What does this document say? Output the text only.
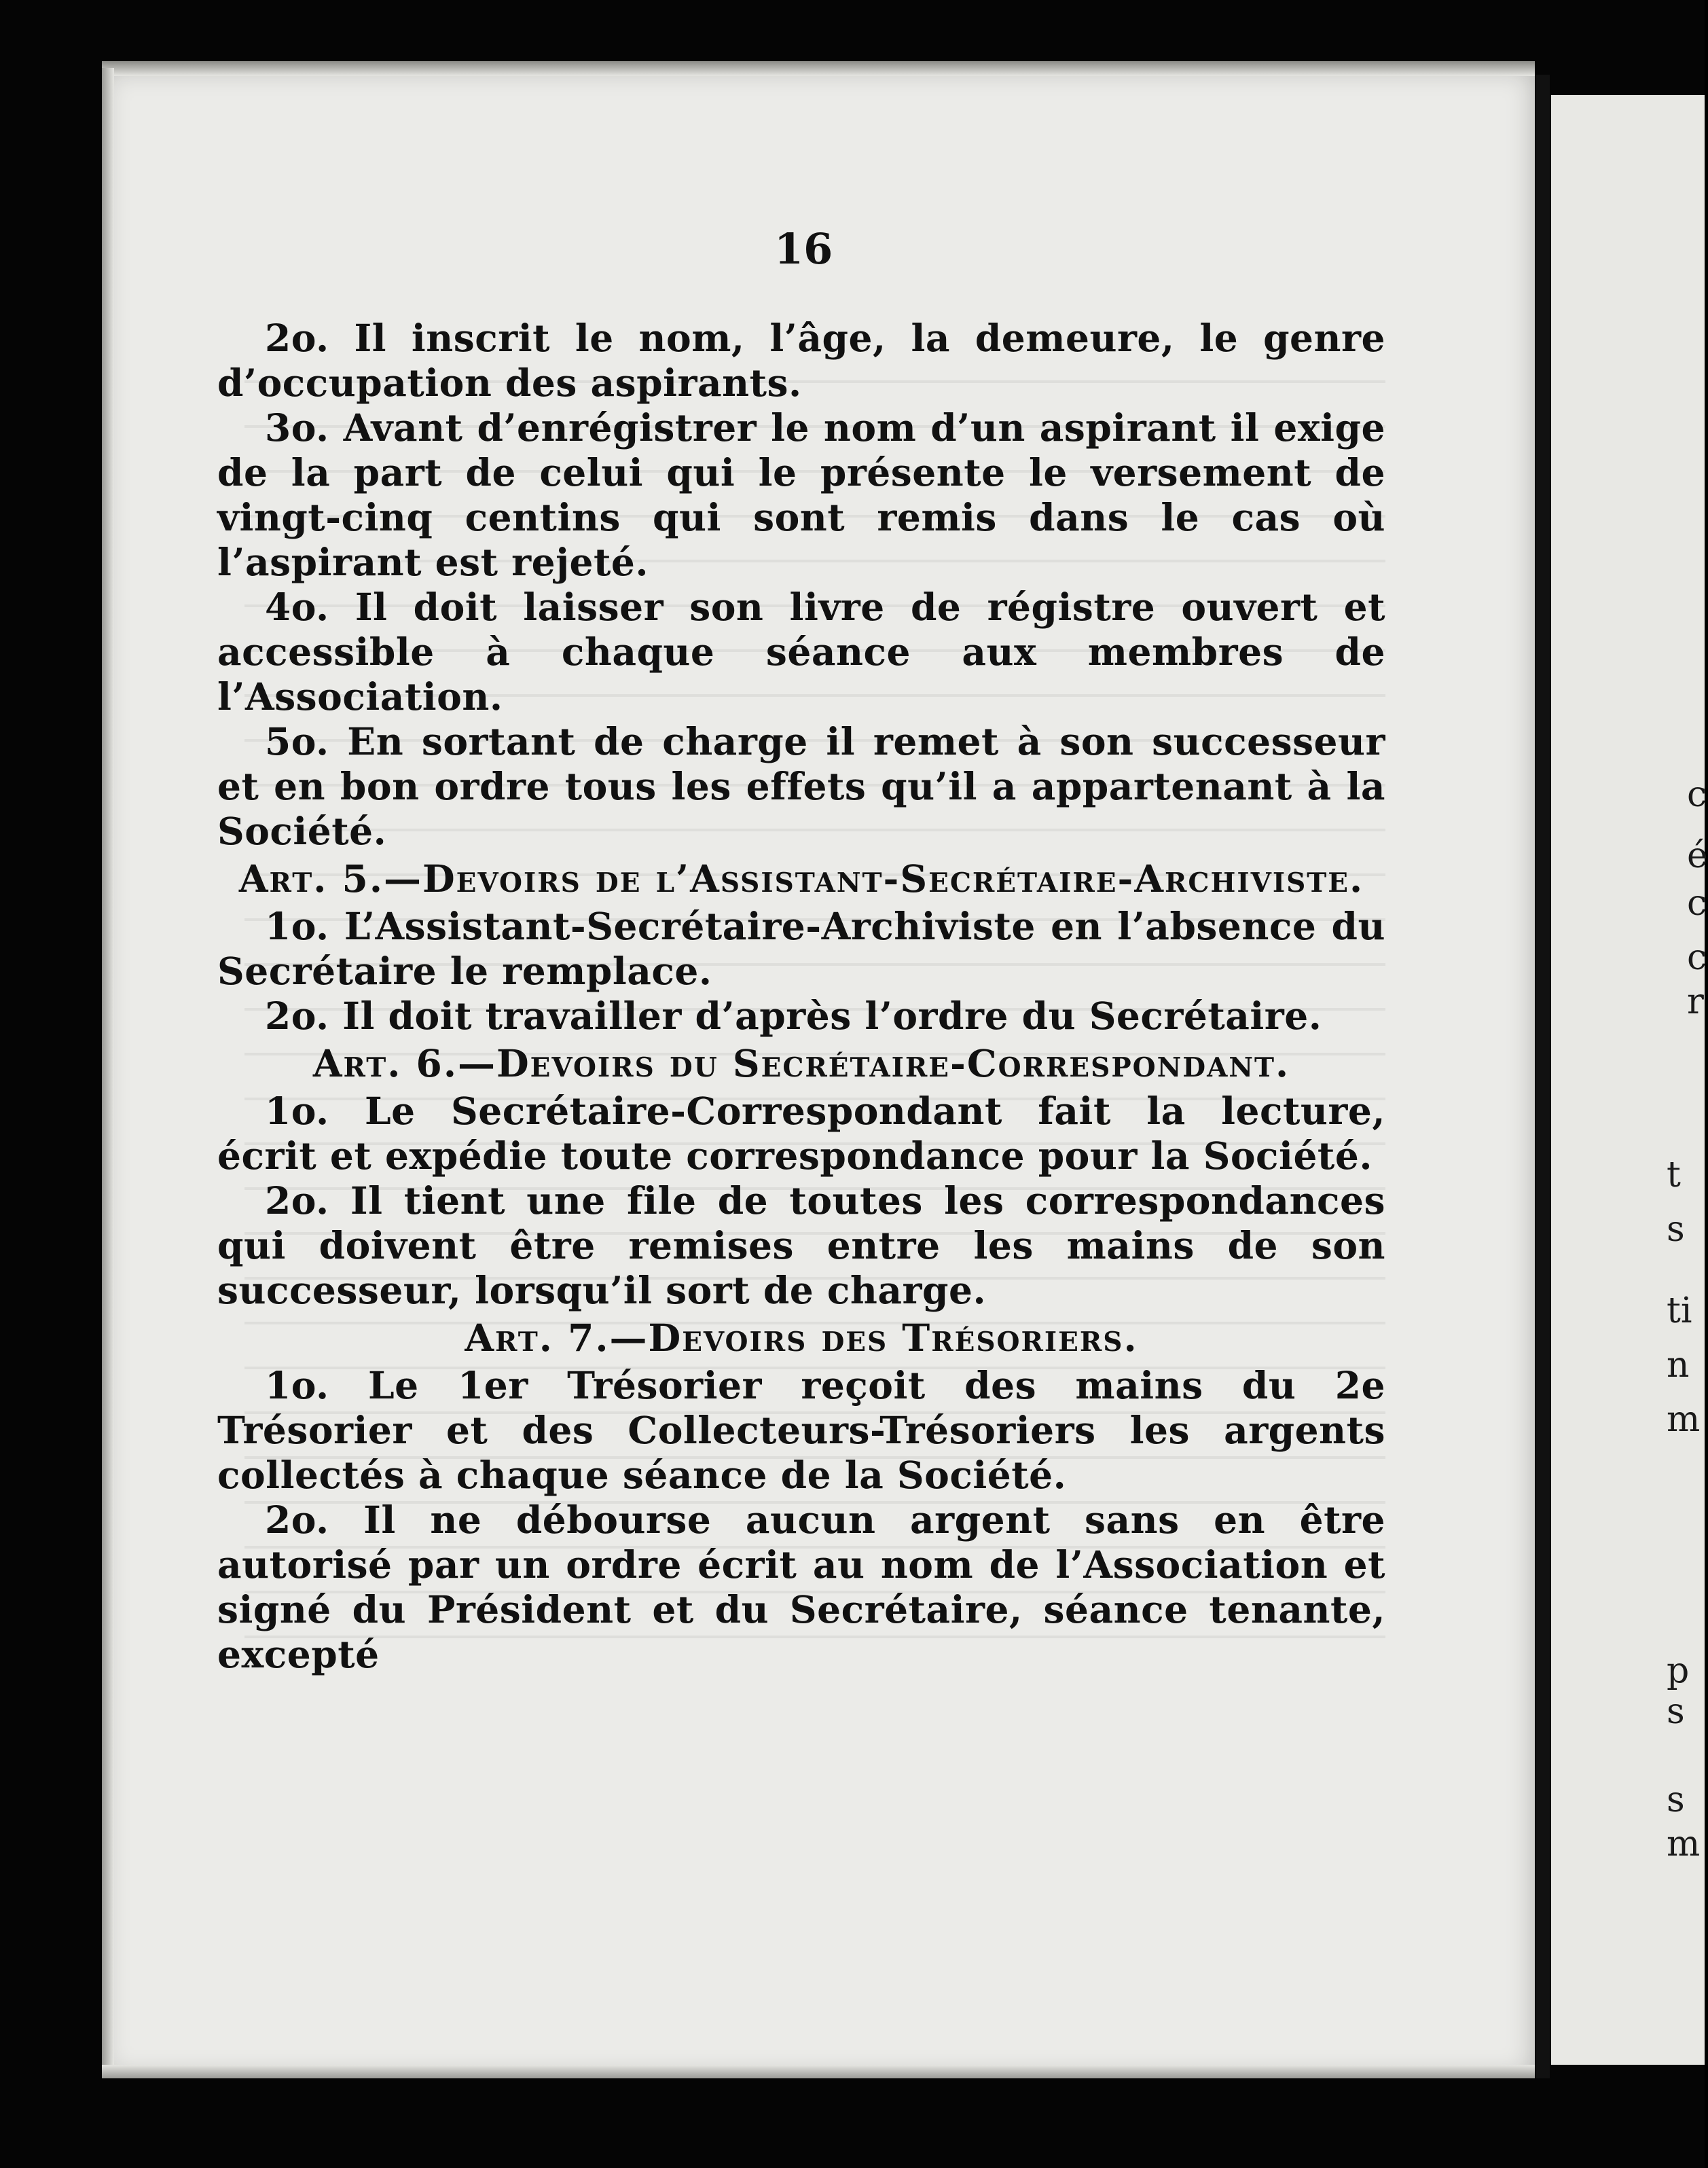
c
é
c
c
r
t
s
ti
n
m
p
s
s
m
16

2o. Il inscrit le nom, l’âge, la demeure, le genre d’occupation des aspirants.

3o. Avant d’enrégistrer le nom d’un aspirant il exige de la part de celui qui le présente le versement de vingt-cinq centins qui sont remis dans le cas où l’aspirant est rejeté.

4o. Il doit laisser son livre de régistre ouvert et accessible à chaque séance aux membres de l’Association.

5o. En sortant de charge il remet à son successeur et en bon ordre tous les effets qu’il a appartenant à la Société.

Art. 5.—Devoirs de l’Assistant-Secrétaire-Archiviste.

1o. L’Assistant-Secrétaire-Archiviste en l’absence du Secrétaire le remplace.

2o. Il doit travailler d’après l’ordre du Secrétaire.

Art. 6.—Devoirs du Secrétaire-Correspondant.

1o. Le Secrétaire-Correspondant fait la lecture, écrit et expédie toute correspondance pour la Société.

2o. Il tient une file de toutes les correspondances qui doivent être remises entre les mains de son successeur, lorsqu’il sort de charge.

Art. 7.—Devoirs des Trésoriers.

1o. Le 1er Trésorier reçoit des mains du 2e Trésorier et des Collecteurs-Trésoriers les argents collectés à chaque séance de la Société.

2o. Il ne débourse aucun argent sans en être autorisé par un ordre écrit au nom de l’Association et signé du Président et du Secrétaire, séance tenante, excepté
